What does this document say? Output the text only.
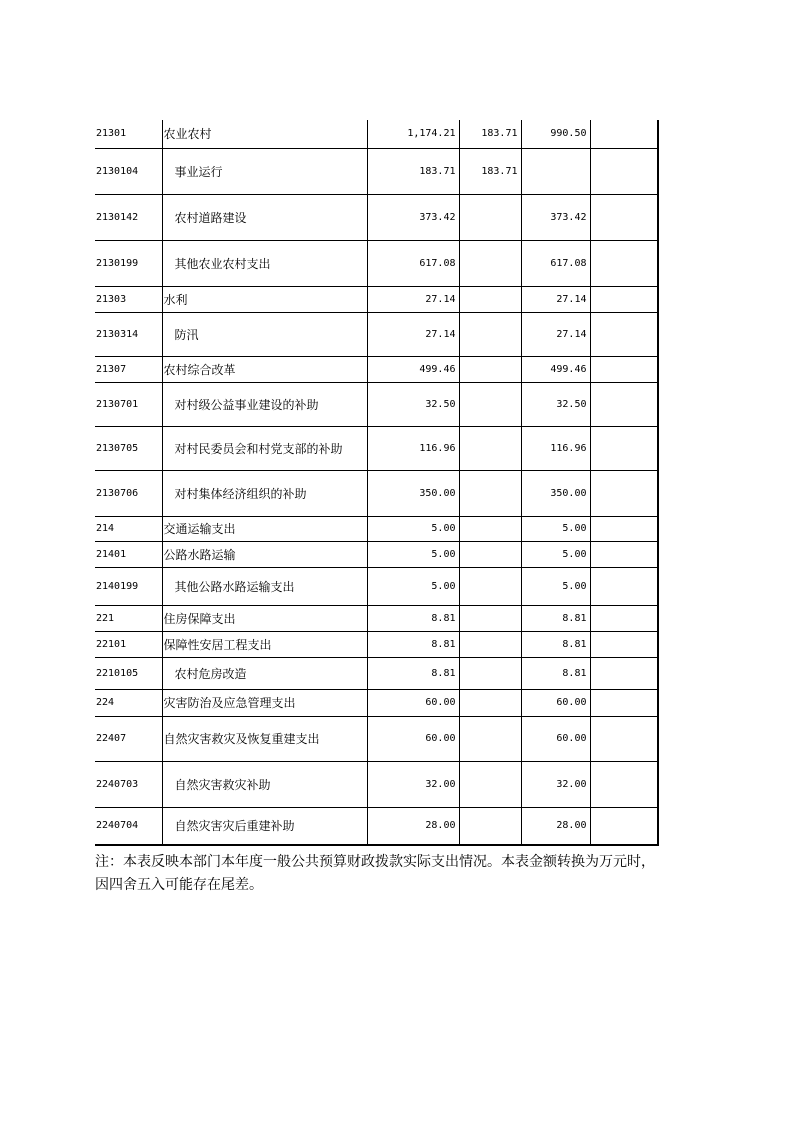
21301	农业农村	1,174.21	183.71	990.50	
2130104	事业运行	183.71	183.71		
2130142	农村道路建设	373.42		373.42	
2130199	其他农业农村支出	617.08		617.08	
21303	水利	27.14		27.14	
2130314	防汛	27.14		27.14	
21307	农村综合改革	499.46		499.46	
2130701	对村级公益事业建设的补助	32.50		32.50	
2130705	对村民委员会和村党支部的补助	116.96		116.96	
2130706	对村集体经济组织的补助	350.00		350.00	
214	交通运输支出	5.00		5.00	
21401	公路水路运输	5.00		5.00	
2140199	其他公路水路运输支出	5.00		5.00	
221	住房保障支出	8.81		8.81	
22101	保障性安居工程支出	8.81		8.81	
2210105	农村危房改造	8.81		8.81	
224	灾害防治及应急管理支出	60.00		60.00	
22407	自然灾害救灾及恢复重建支出	60.00		60.00	
2240703	自然灾害救灾补助	32.00		32.00	
2240704	自然灾害灾后重建补助	28.00		28.00	
注：本表反映本部门本年度一般公共预算财政拨款实际支出情况。本表金额转换为万元时，因四舍五入可能存在尾差。
